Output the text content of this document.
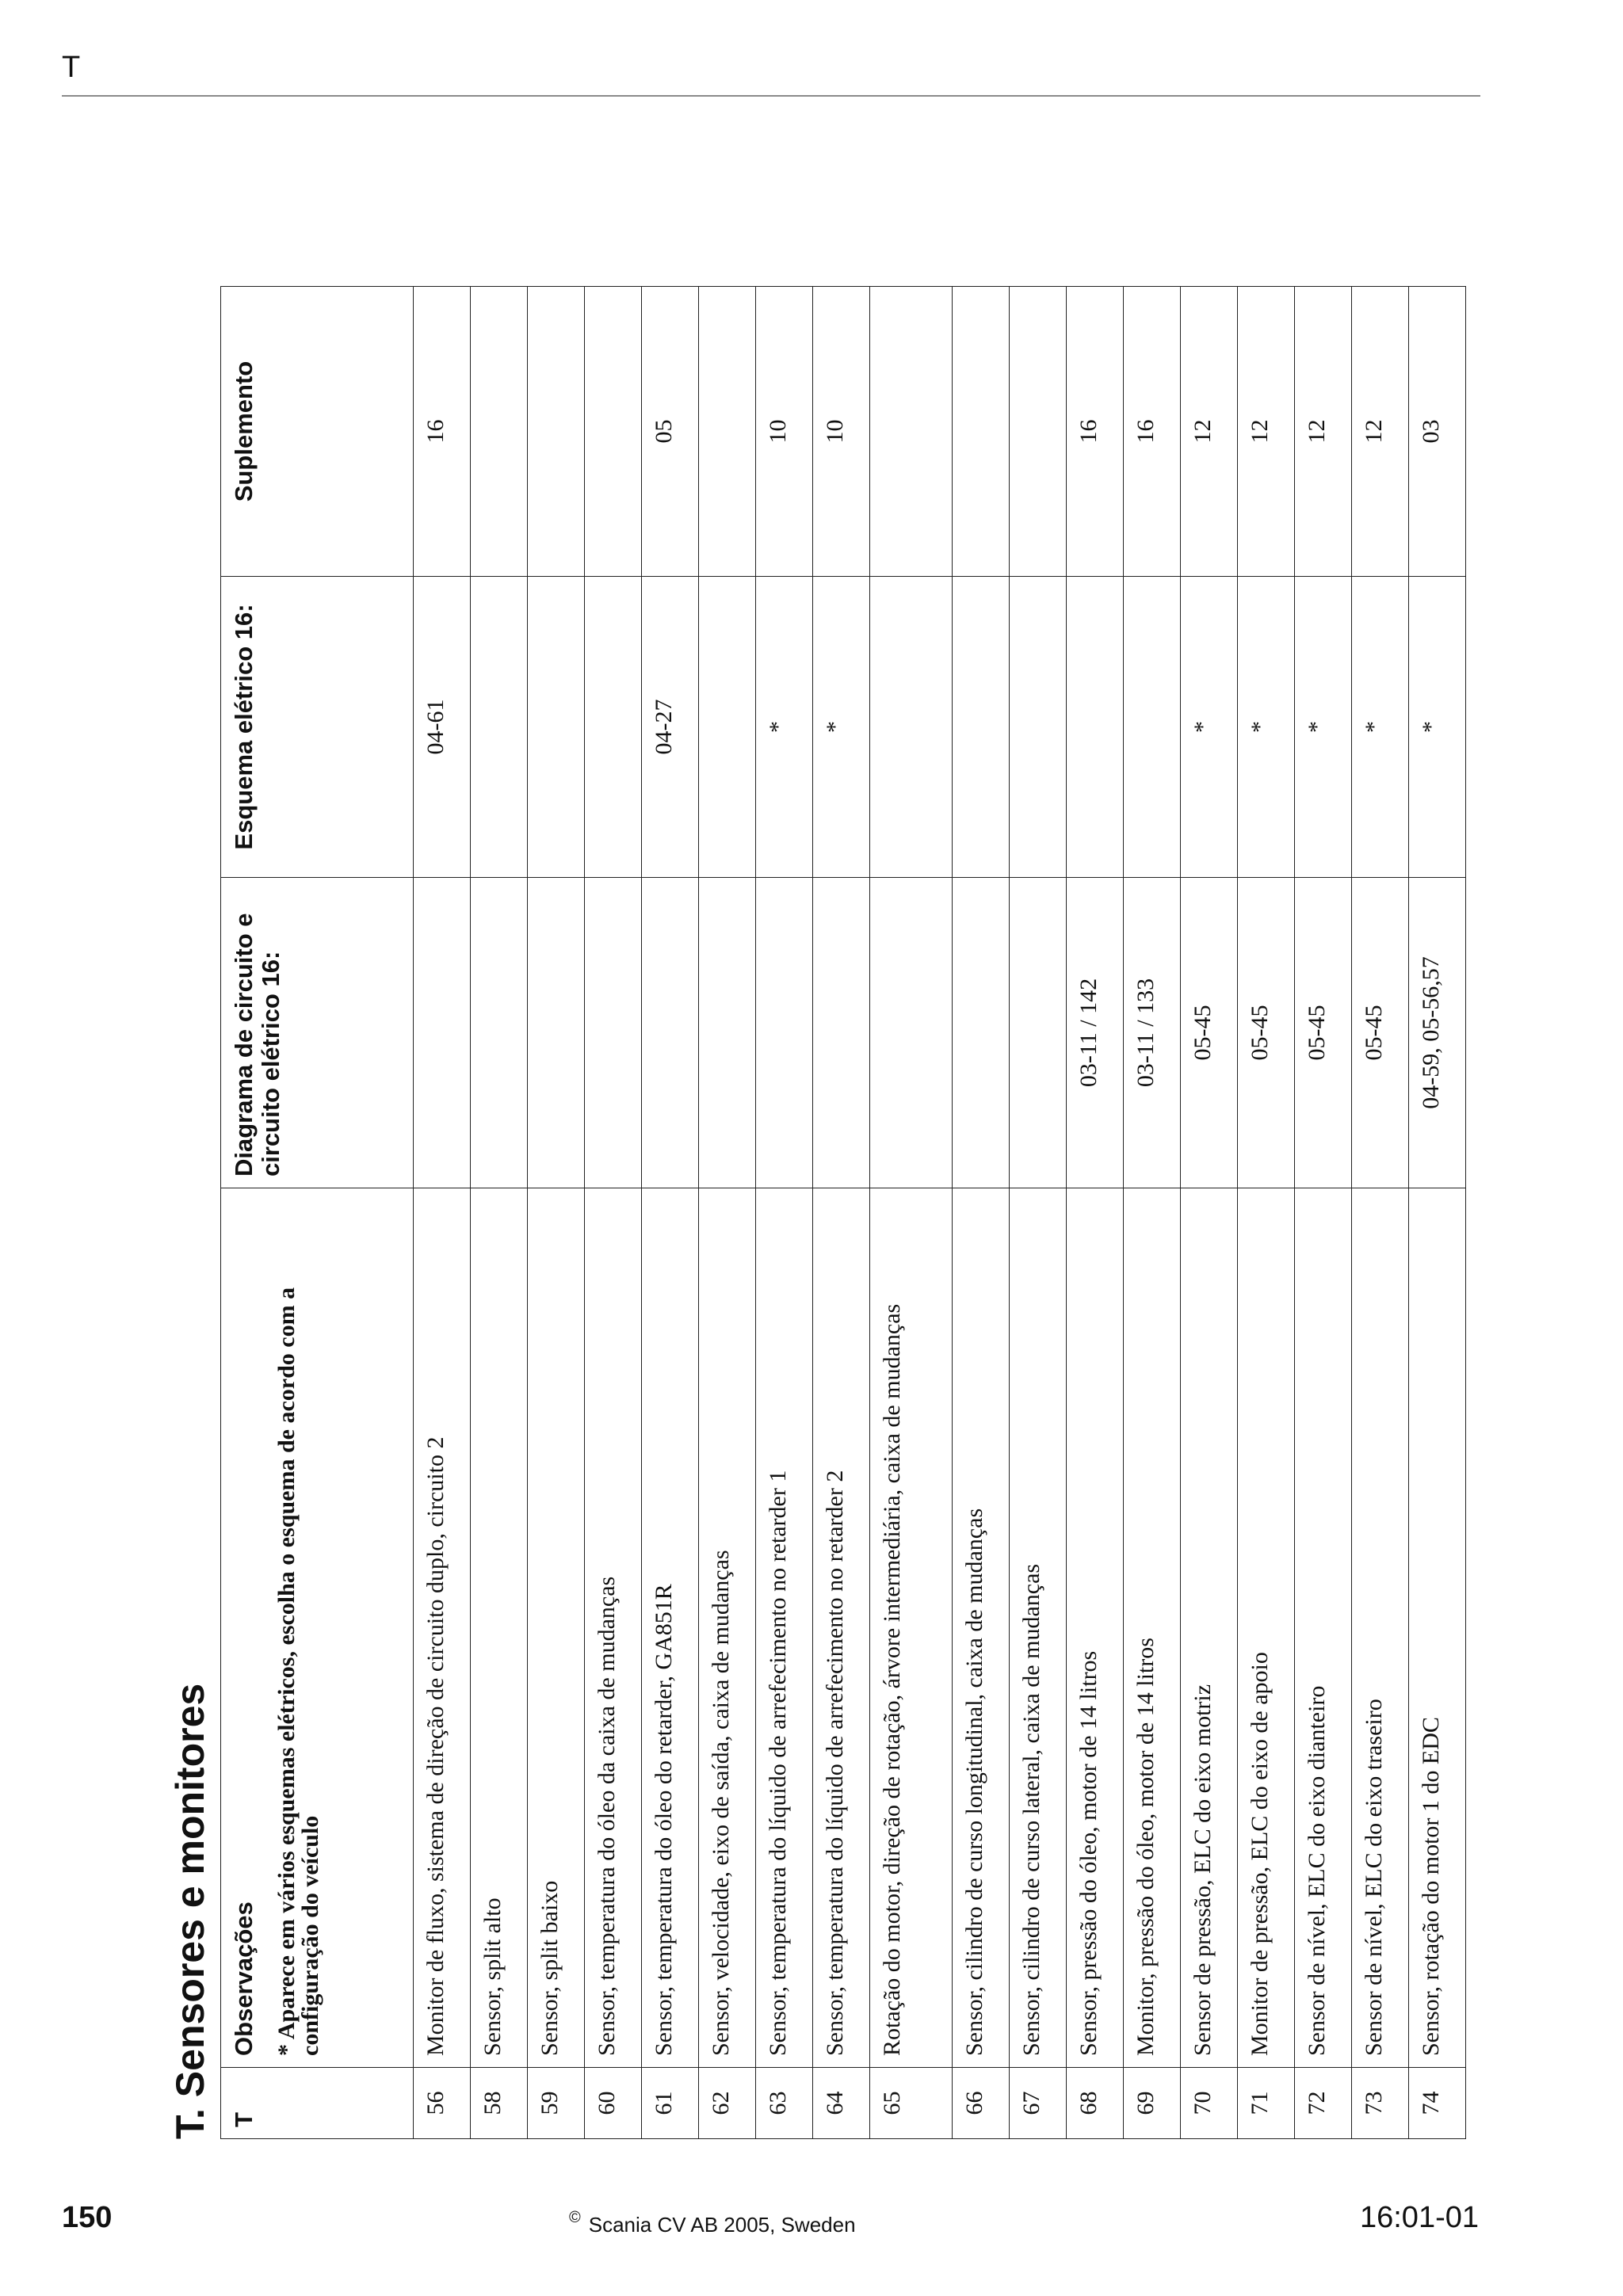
T
T. Sensores e monitores T	Observações * Aparece em vários esquemas elétricos, escolha o esquema de acordo com a configuração do veículo	Diagrama de circuito e circuito elétrico 16:	Esquema elétrico 16:	Suplemento
56	Monitor de fluxo, sistema de direção de circuito duplo, circuito 2		04-61	16
58	Sensor, split alto			
59	Sensor, split baixo			
60	Sensor, temperatura do óleo da caixa de mudanças			
61	Sensor, temperatura do óleo do retarder, GA851R		04-27	05
62	Sensor, velocidade, eixo de saída, caixa de mudanças			
63	Sensor, temperatura do líquido de arrefecimento no retarder 1		*	10
64	Sensor, temperatura do líquido de arrefecimento no retarder 2		*	10
65	Rotação do motor, direção de rotação, árvore intermediária, caixa de mudanças			
66	Sensor, cilindro de curso longitudinal, caixa de mudanças			
67	Sensor, cilindro de curso lateral, caixa de mudanças			
68	Sensor, pressão do óleo, motor de 14 litros	03-11 / 142		16
69	Monitor, pressão do óleo, motor de 14 litros	03-11 / 133		16
70	Sensor de pressão, ELC do eixo motriz	05-45	*	12
71	Monitor de pressão, ELC do eixo de apoio	05-45	*	12
72	Sensor de nível, ELC do eixo dianteiro	05-45	*	12
73	Sensor de nível, ELC do eixo traseiro	05-45	*	12
74	Sensor, rotação do motor 1 do EDC	04-59, 05-56,57	*	03
150	© Scania CV AB 2005, Sweden	16:01-01
